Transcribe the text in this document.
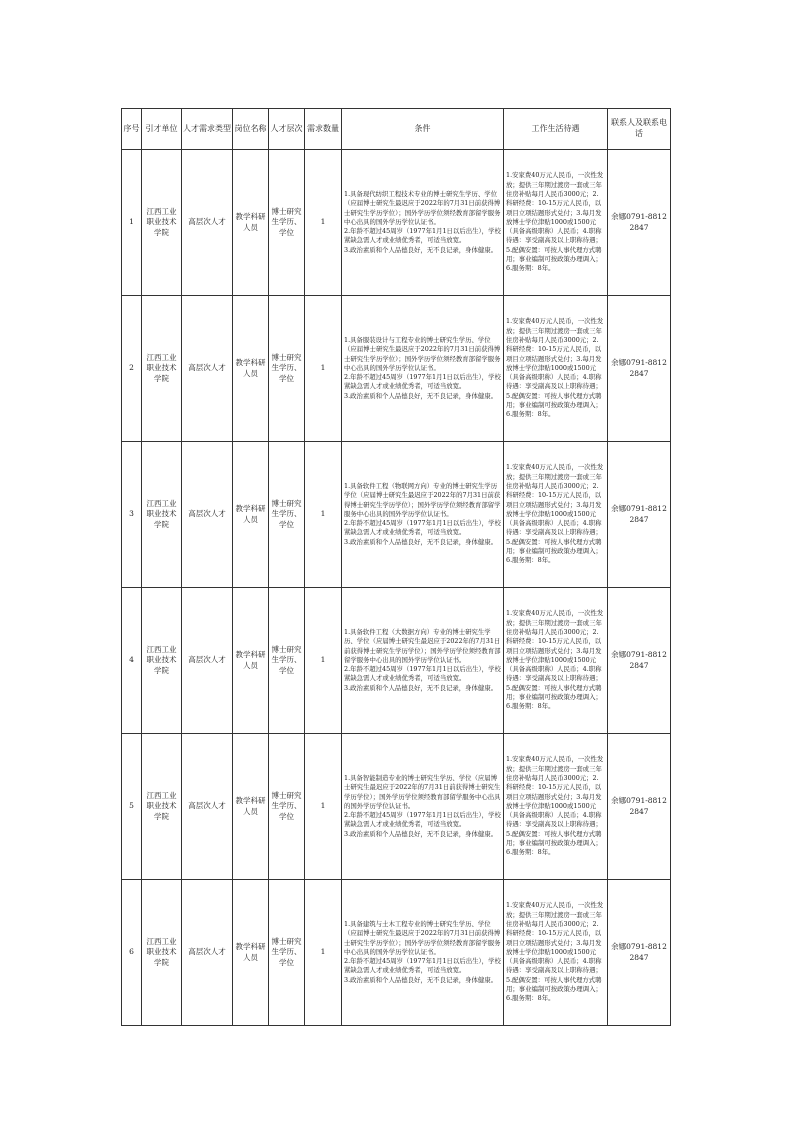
序号	引才单位	人才需求类型	岗位名称	人才层次	需求数量	条件	工作生活待遇	联系人及联系电话
1	江西工业职业技术学院	高层次人才	教学科研人员	博士研究生学历、学位	1	1.具备现代纺织工程技术专业的博士研究生学历、学位（应届博士研究生最迟应于2022年的7月31日前获得博士研究生学历学位）；国外学历学位须经教育部留学服务中心出具的国外学历学位认证书。
2.年龄不超过45周岁（1977年1月1日以后出生），学校紧缺急需人才或业绩优秀者，可适当放宽。
3.政治素质和个人品德良好，无不良记录，身体健康。	1.安家费40万元人民币，一次性发放；提供三年期过渡房一套或三年住房补贴每月人民币3000元；2.科研经费：10-15万元人民币，以项目立项结题形式兑付；3.每月发放博士学位津贴1000或1500元（具备高级职称）人民币；4.职称待遇：享受副高及以上职称待遇；5.配偶安置：可按人事代理方式聘用；事业编制可按政策办理调入；6.服务期：8年。	余娜0791-88122847
2	江西工业职业技术学院	高层次人才	教学科研人员	博士研究生学历、学位	1	1.具备服装设计与工程专业的博士研究生学历、学位（应届博士研究生最迟应于2022年的7月31日前获得博士研究生学历学位）；国外学历学位须经教育部留学服务中心出具的国外学历学位认证书。
2.年龄不超过45周岁（1977年1月1日以后出生），学校紧缺急需人才或业绩优秀者，可适当放宽。
3.政治素质和个人品德良好，无不良记录，身体健康。	1.安家费40万元人民币，一次性发放；提供三年期过渡房一套或三年住房补贴每月人民币3000元；2.科研经费：10-15万元人民币，以项目立项结题形式兑付；3.每月发放博士学位津贴1000或1500元（具备高级职称）人民币；4.职称待遇：享受副高及以上职称待遇；5.配偶安置：可按人事代理方式聘用；事业编制可按政策办理调入；6.服务期：8年。	余娜0791-88122847
3	江西工业职业技术学院	高层次人才	教学科研人员	博士研究生学历、学位	1	1.具备软件工程（物联网方向）专业的博士研究生学历学位（应届博士研究生最迟应于2022年的7月31日前获得博士研究生学历学位）；国外学历学位须经教育部留学服务中心出具的国外学历学位认证书。
2.年龄不超过45周岁（1977年1月1日以后出生），学校紧缺急需人才或业绩优秀者，可适当放宽。
3.政治素质和个人品德良好，无不良记录，身体健康。	1.安家费40万元人民币，一次性发放；提供三年期过渡房一套或三年住房补贴每月人民币3000元；2.科研经费：10-15万元人民币，以项目立项结题形式兑付；3.每月发放博士学位津贴1000或1500元（具备高级职称）人民币；4.职称待遇：享受副高及以上职称待遇；5.配偶安置：可按人事代理方式聘用；事业编制可按政策办理调入；6.服务期：8年。	余娜0791-88122847
4	江西工业职业技术学院	高层次人才	教学科研人员	博士研究生学历、学位	1	1.具备软件工程（大数据方向）专业的博士研究生学历、学位（应届博士研究生最迟应于2022年的7月31日前获得博士研究生学历学位）；国外学历学位须经教育部留学服务中心出具的国外学历学位认证书。
2.年龄不超过45周岁（1977年1月1日以后出生），学校紧缺急需人才或业绩优秀者，可适当放宽。
3.政治素质和个人品德良好，无不良记录，身体健康。	1.安家费40万元人民币，一次性发放；提供三年期过渡房一套或三年住房补贴每月人民币3000元；2.科研经费：10-15万元人民币，以项目立项结题形式兑付；3.每月发放博士学位津贴1000或1500元（具备高级职称）人民币；4.职称待遇：享受副高及以上职称待遇；5.配偶安置：可按人事代理方式聘用；事业编制可按政策办理调入；6.服务期：8年。	余娜0791-88122847
5	江西工业职业技术学院	高层次人才	教学科研人员	博士研究生学历、学位	1	1.具备智能制造专业的博士研究生学历、学位（应届博士研究生最迟应于2022年的7月31日前获得博士研究生学历学位）；国外学历学位须经教育部留学服务中心出具的国外学历学位认证书。
2.年龄不超过45周岁（1977年1月1日以后出生），学校紧缺急需人才或业绩优秀者，可适当放宽。
3.政治素质和个人品德良好，无不良记录，身体健康。	1.安家费40万元人民币，一次性发放；提供三年期过渡房一套或三年住房补贴每月人民币3000元；2.科研经费：10-15万元人民币，以项目立项结题形式兑付；3.每月发放博士学位津贴1000或1500元（具备高级职称）人民币；4.职称待遇：享受副高及以上职称待遇；5.配偶安置：可按人事代理方式聘用；事业编制可按政策办理调入；6.服务期：8年。	余娜0791-88122847
6	江西工业职业技术学院	高层次人才	教学科研人员	博士研究生学历、学位	1	1.具备建筑与土木工程专业的博士研究生学历、学位（应届博士研究生最迟应于2022年的7月31日前获得博士研究生学历学位）；国外学历学位须经教育部留学服务中心出具的国外学历学位认证书。
2.年龄不超过45周岁（1977年1月1日以后出生），学校紧缺急需人才或业绩优秀者，可适当放宽。
3.政治素质和个人品德良好，无不良记录，身体健康。	1.安家费40万元人民币，一次性发放；提供三年期过渡房一套或三年住房补贴每月人民币3000元；2.科研经费：10-15万元人民币，以项目立项结题形式兑付；3.每月发放博士学位津贴1000或1500元（具备高级职称）人民币；4.职称待遇：享受副高及以上职称待遇；5.配偶安置：可按人事代理方式聘用；事业编制可按政策办理调入；6.服务期：8年。	余娜0791-88122847
